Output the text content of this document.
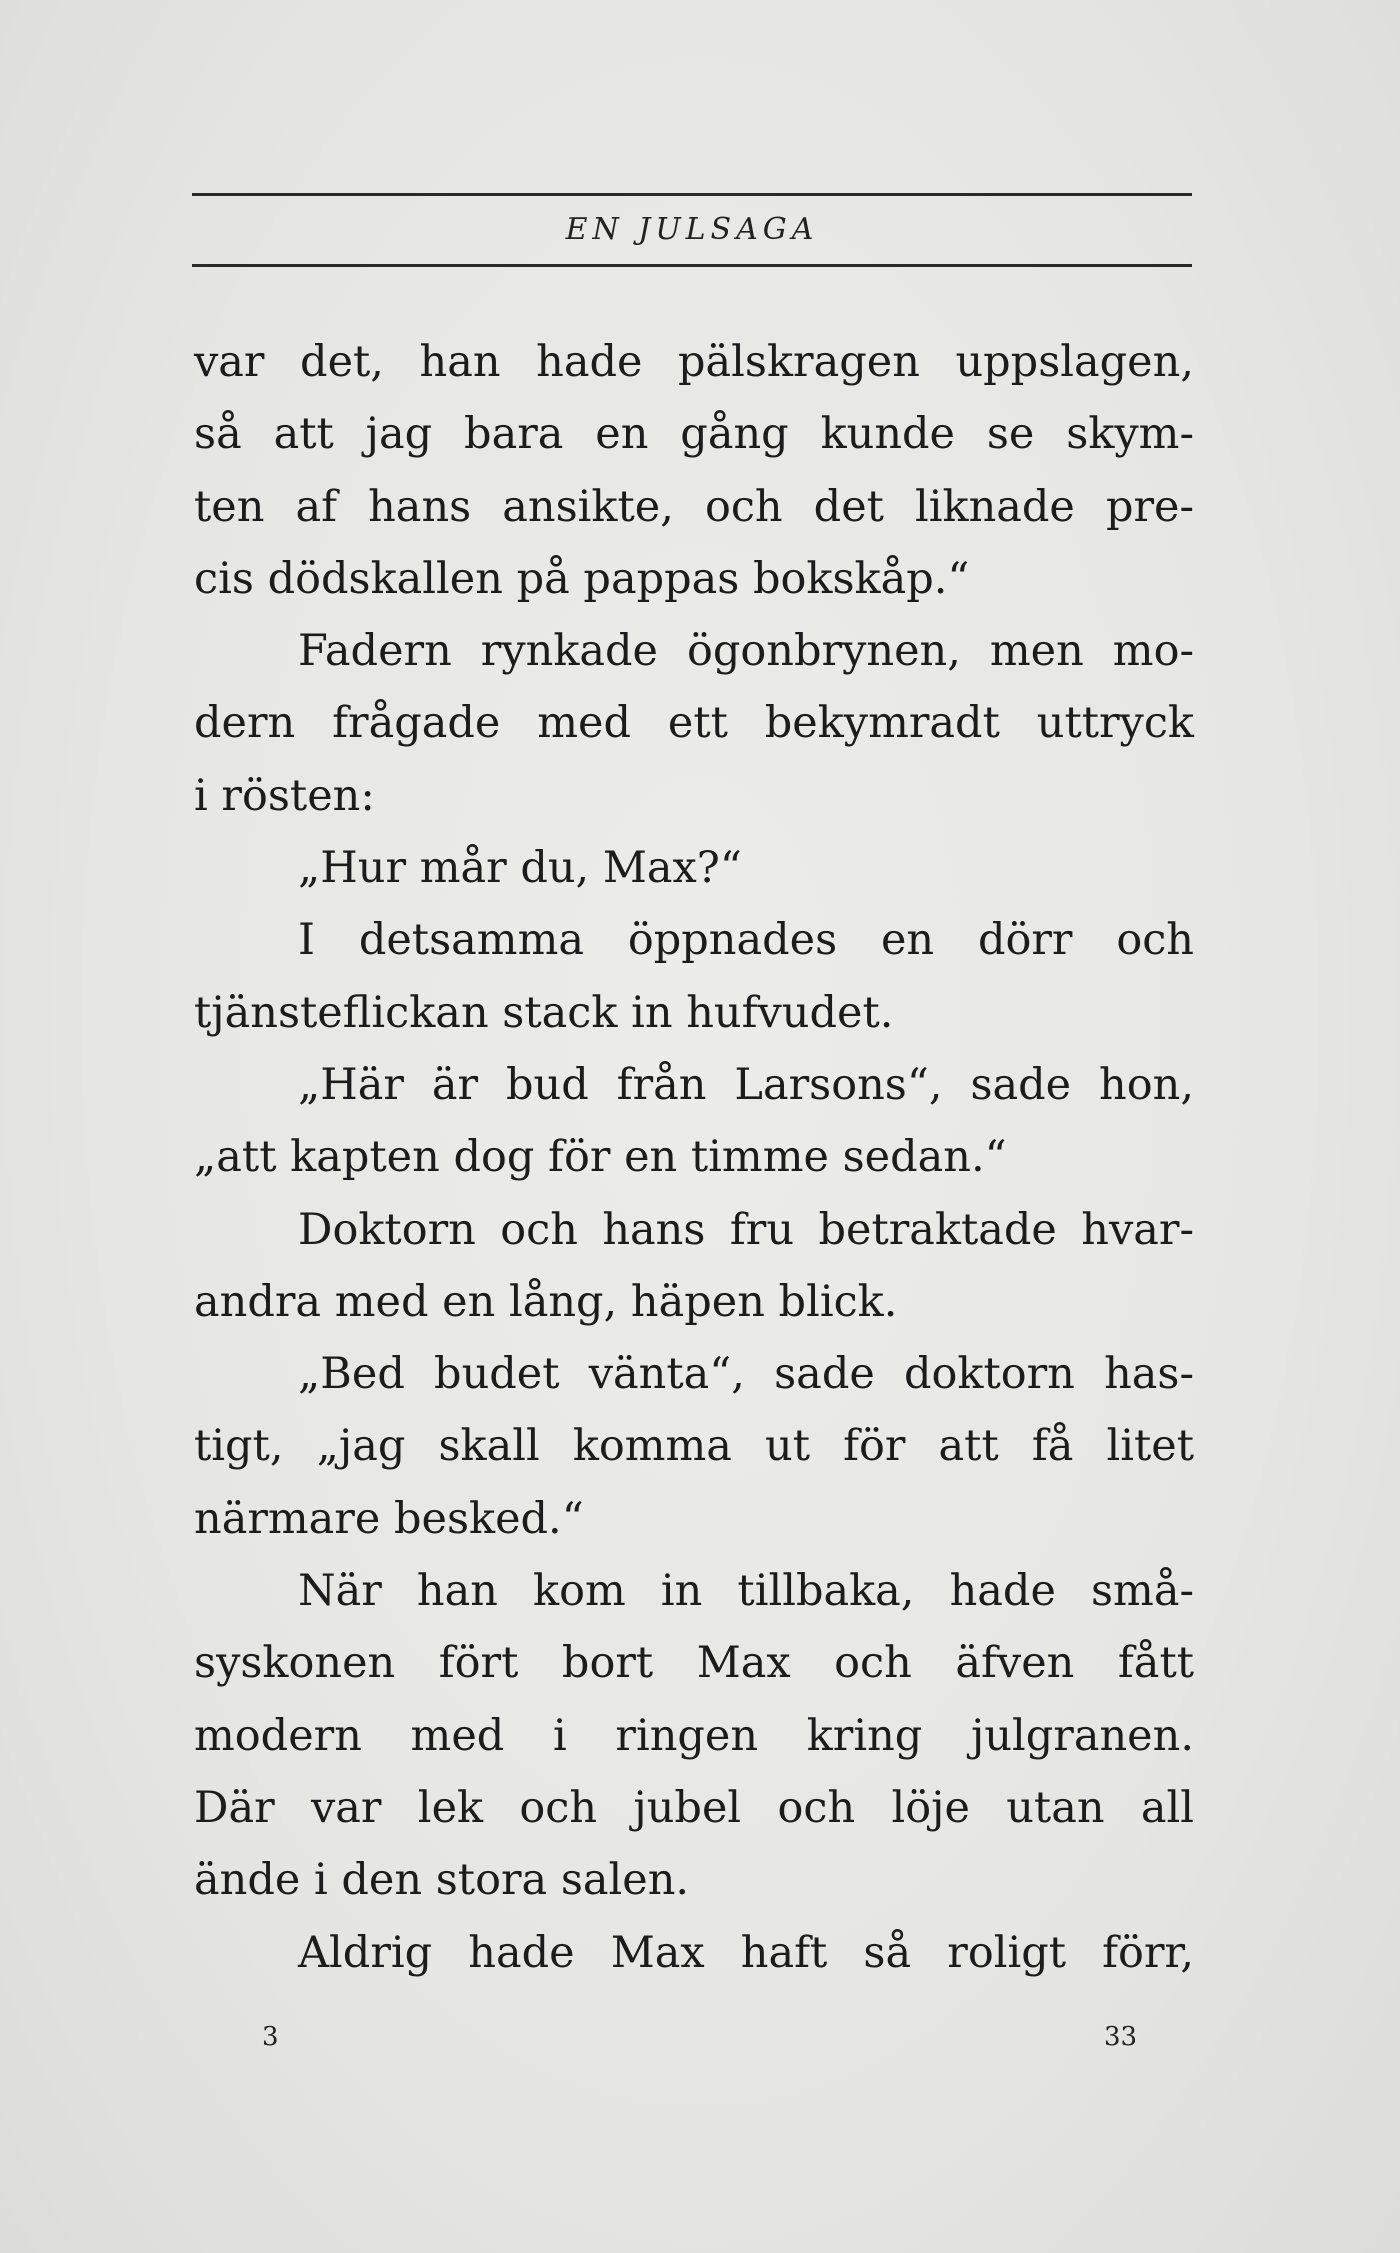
EN JULSAGA
var det, han hade pälskragen uppslagen,
så att jag bara en gång kunde se skym-
ten af hans ansikte, och det liknade pre-
cis dödskallen på pappas bokskåp.“
Fadern rynkade ögonbrynen, men mo-
dern frågade med ett bekymradt uttryck
i rösten:
„Hur mår du, Max?“
I detsamma öppnades en dörr och
tjänsteflickan stack in hufvudet.
„Här är bud från Larsons“, sade hon,
„att kapten dog för en timme sedan.“
Doktorn och hans fru betraktade hvar-
andra med en lång, häpen blick.
„Bed budet vänta“, sade doktorn has-
tigt, „jag skall komma ut för att få litet
närmare besked.“
När han kom in tillbaka, hade små-
syskonen fört bort Max och äfven fått
modern med i ringen kring julgranen.
Där var lek och jubel och löje utan all
ände i den stora salen.
Aldrig hade Max haft så roligt förr,
3	33
